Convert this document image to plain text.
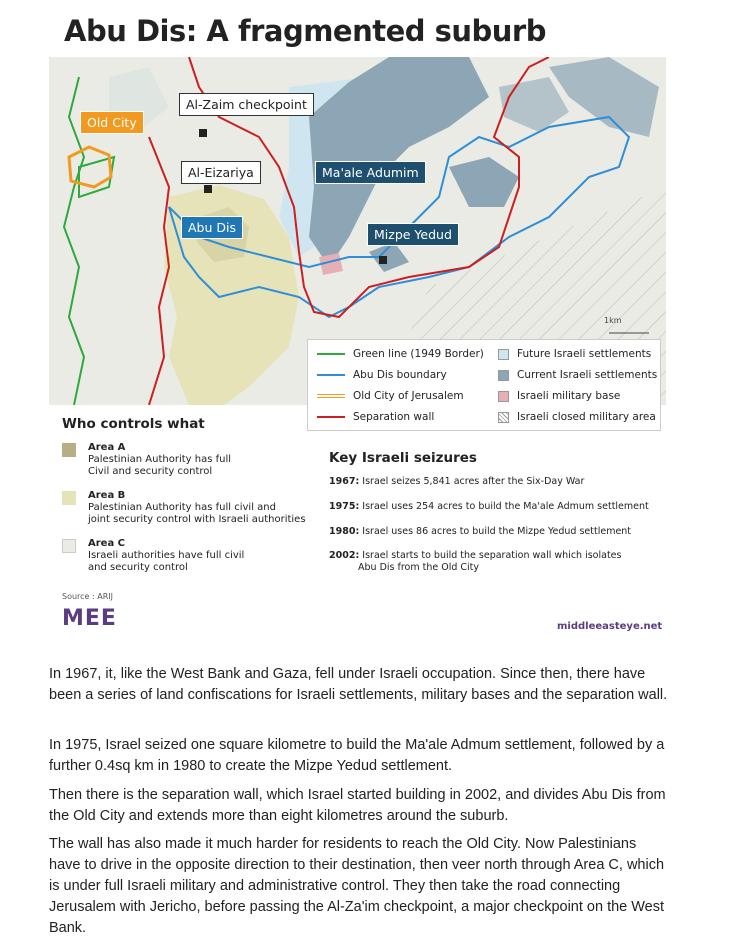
Abu Dis: A fragmented suburb
Al-Zaim checkpoint
Old City
Al-Eizariya	Ma'ale Adumim
Abu Dis	Mizpe Yedud
1km
Green line (1949 Border)
Abu Dis boundary
Old City of Jerusalem
Separation wall
Future Israeli settlements
Current Israeli settlements
Israeli military base
Israeli closed military area
Who controls what
Area A
Palestinian Authority has full
Civil and security control
Area B
Palestinian Authority has full civil and
joint security control with Israeli authorities
Area C
Israeli authorities have full civil
and security control
Key Israeli seizures
1967: Israel seizes 5,841 acres after the Six-Day War
1975: Israel uses 254 acres to build the Ma'ale Admum settlement
1980: Israel uses 86 acres to build the Mizpe Yedud settlement
2002: Israel starts to build the separation wall which isolates
Abu Dis from the Old City
Source : ARIJ
MEE	middleeasteye.net
In 1967, it, like the West Bank and Gaza, fell under Israeli occupation. Since then, there have been a series of land confiscations for Israeli settlements, military bases and the separation wall.
In 1975, Israel seized one square kilometre to build the Ma'ale Admum settlement, followed by a further 0.4sq km in 1980 to create the Mizpe Yedud settlement.
Then there is the separation wall, which Israel started building in 2002, and divides Abu Dis from the Old City and extends more than eight kilometres around the suburb.
The wall has also made it much harder for residents to reach the Old City. Now Palestinians have to drive in the opposite direction to their destination, then veer north through Area C, which is under full Israeli military and administrative control. They then take the road connecting Jerusalem with Jericho, before passing the Al-Za'im checkpoint, a major checkpoint on the West Bank.
